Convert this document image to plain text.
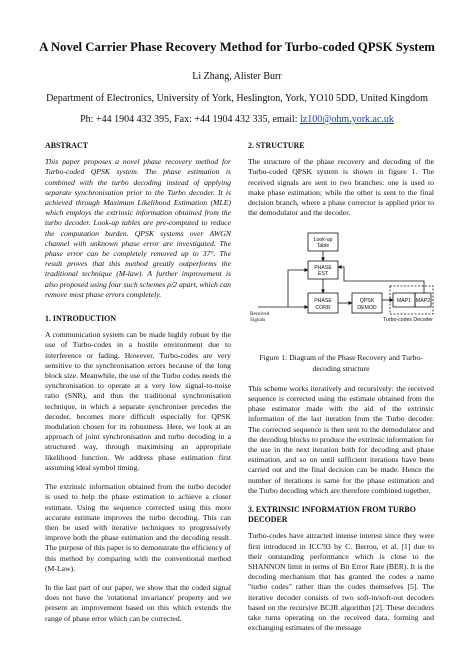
A Novel Carrier Phase Recovery Method for Turbo-coded QPSK System
Li Zhang, Alister Burr
Department of Electronics, University of York, Heslington, York, YO10 5DD, United Kingdom
Ph: +44 1904 432 395, Fax: +44 1904 432 335, email: lz100@ohm.york.ac.uk
ABSTRACT

This paper proposes a novel phase recovery method for Turbo-coded QPSK system. The phase estimation is combined with the turbo decoding instead of applying separate synchronisation prior to the Turbo decoder. It is achieved through Maximum Likelihood Estimation (MLE) which employs the extrinsic information obtained from the turbo decoder. Look-up tables are pre-computed to reduce the computation burden. QPSK systems over AWGN channel with unknown phase error are investigated. The phase error can be completely removed up to 37°. The result proves that this method greatly outperforms the traditional technique (M-law). A further improvement is also proposed using four such schemes ρ/2 apart, which can remove most phase errors completely.

1. INTRODUCTION

A communication system can be made highly robust by the use of Turbo-codes in a hostile environment due to interference or fading. However, Turbo-codes are very sensitive to the synchronisation errors because of the long block size. Meanwhile, the use of the Turbo codes needs the synchronisation to operate at a very low signal-to-noise ratio (SNR), and thus the traditional synchronisation technique, in which a separate synchroniser precedes the decoder, becomes more difficult especially for QPSK modulation chosen for its robustness. Here, we look at an approach of joint synchronisation and turbo decoding in a structured way, through maximising an appropriate likelihood function. We address phase estimation first assuming ideal symbol timing.

The extrinsic information obtained from the turbo decoder is used to help the phase estimation to achieve a closer estimate. Using the sequence corrected using this more accurate estimate improves the turbo decoding. This can then be used with iterative techniques to progressively improve both the phase estimation and the decoding result. The purpose of this paper is to demonstrate the efficiency of this method by comparing with the conventional method (M-Law).

In the last part of our paper, we show that the coded signal does not have the 'rotational invariance' property and we present an improvement based on this which extends the range of phase error which can be corrected.

2. STRUCTURE

The structure of the phase recovery and decoding of the Turbo-coded QPSK system is shown in figure 1. The received signals are sent to two branches: one is used to make phase estimation; while the other is sent to the final decision branch, where a phase corrector is applied prior to the demodulator and the decoder.

Look-up
Table
PHASE
EST
PHASE
CORR
QPSK
DEMOD
MAP1 MAP2
Turbo-codes Decoder
Received
Signals
Figure 1: Diagram of the Phase Recovery and Turbo-decoding structure

This scheme works iteratively and recursively: the received sequence is corrected using the estimate obtained from the phase estimator made with the aid of the extrinsic information of the last iteration from the Turbo decoder. The corrected sequence is then sent to the demodulator and the decoding blocks to produce the extrinsic information for the use in the next iteration both for decoding and phase estimation, and so on until sufficient iterations have been carried out and the final decision can be made. Hence the number of iterations is same for the phase estimation and the Turbo decoding which are therefore combined together.

3. EXTRINSIC INFORMATION FROM TURBO DECODER

Turbo-codes have attracted intense interest since they were first introduced in ICC'93 by C. Berrou, et al. [1] due to their outstanding performance which is close to the SHANNON limit in terms of Bit Error Rate (BER). It is the decoding mechanism that has granted the codes a name "turbo codes" rather than the codes themselves [5]. The iterative decoder consists of two soft-in/soft-out decoders based on the recursive BCJR algorithm [2]. These decoders take turns operating on the received data, forming and exchanging estimates of the message
